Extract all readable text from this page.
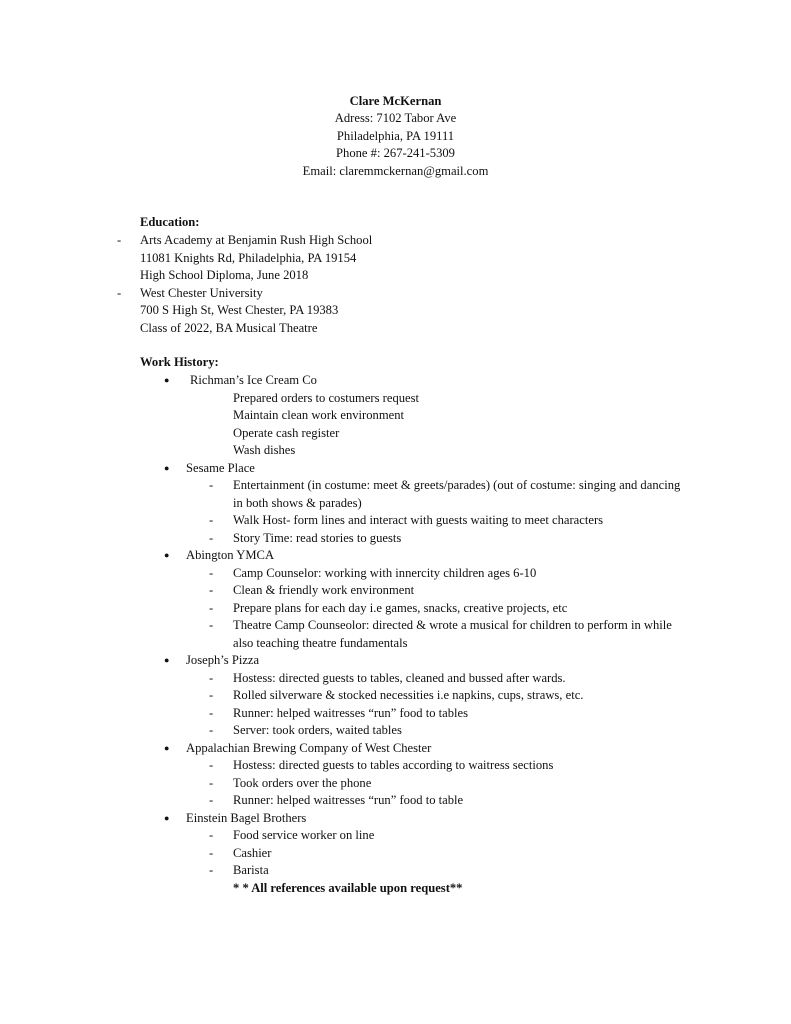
Clare McKernan
Adress: 7102 Tabor Ave
Philadelphia, PA 19111
Phone #: 267-241-5309
Email: claremmckernan@gmail.com
Education:
- Arts Academy at Benjamin Rush High School
11081 Knights Rd, Philadelphia, PA 19154
High School Diploma, June 2018
- West Chester University
700 S High St, West Chester, PA 19383
Class of 2022, BA Musical Theatre
Work History:
● Richman’s Ice Cream Co
Prepared orders to costumers request
Maintain clean work environment
Operate cash register
Wash dishes
● Sesame Place
- Entertainment (in costume: meet & greets/parades) (out of costume: singing and dancing
in both shows & parades)
- Walk Host- form lines and interact with guests waiting to meet characters
- Story Time: read stories to guests
● Abington YMCA
- Camp Counselor: working with innercity children ages 6-10
- Clean & friendly work environment
- Prepare plans for each day i.e games, snacks, creative projects, etc
- Theatre Camp Counseolor: directed & wrote a musical for children to perform in while
also teaching theatre fundamentals
● Joseph’s Pizza
- Hostess: directed guests to tables, cleaned and bussed after wards.
- Rolled silverware & stocked necessities i.e napkins, cups, straws, etc.
- Runner: helped waitresses “run” food to tables
- Server: took orders, waited tables
● Appalachian Brewing Company of West Chester
- Hostess: directed guests to tables according to waitress sections
- Took orders over the phone
- Runner: helped waitresses “run” food to table
● Einstein Bagel Brothers
- Food service worker on line
- Cashier
- Barista
* * All references available upon request**
